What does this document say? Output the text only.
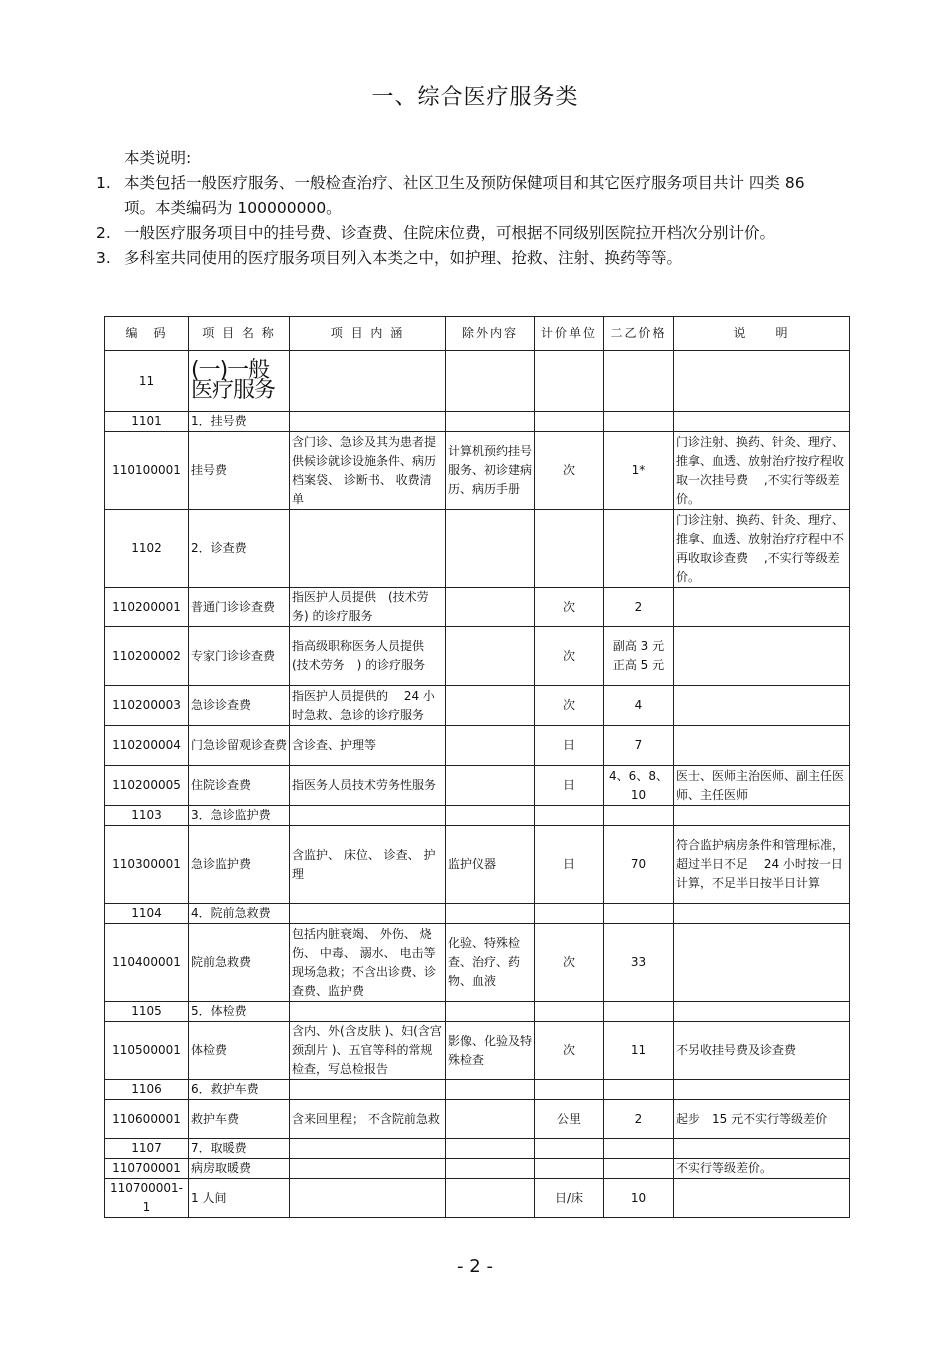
一、综合医疗服务类
本类说明:
1. 本类包括一般医疗服务、一般检查治疗、社区卫生及预防保健项目和其它医疗服务项目共计 四类 86 项。本类编码为 100000000。
2. 一般医疗服务项目中的挂号费、诊查费、住院床位费，可根据不同级别医院拉开档次分别计价。
3. 多科室共同使用的医疗服务项目列入本类之中，如护理、抢救、注射、换药等等。
编　码	项 目 名 称	项 目 内 涵	除外内容	计价单位	二乙价格	说　　明
11	(一)一般医疗服务					

1101	1．挂号费					
110100001	挂号费	含门诊、急诊及其为患者提供候诊就诊设施条件、病历档案袋、 诊断书、 收费清单	计算机预约挂号服务、初诊建病历、病历手册	次	1*	门诊注射、换药、针灸、理疗、推拿、血透、放射治疗按疗程收取一次挂号费　 ,不实行等级差价。
1102	2．诊查费					门诊注射、换药、针灸、理疗、推拿、血透、放射治疗疗程中不再收取诊查费　 ,不实行等级差价。
110200001	普通门诊诊查费	指医护人员提供　(技术劳务) 的诊疗服务		次	2	
110200002	专家门诊诊查费	指高级职称医务人员提供 (技术劳务　) 的诊疗服务		次	副高 3 元
正高 5 元	
110200003	急诊诊查费	指医护人员提供的　 24 小时急救、急诊的诊疗服务		次	4	
110200004	门急诊留观诊查费	含诊查、护理等		日	7	
110200005	住院诊查费	指医务人员技术劳务性服务		日	4、6、8、10	医士、医师主治医师、副主任医师、主任医师
1103	3．急诊监护费					
110300001	急诊监护费	含监护、 床位、 诊查、 护理	监护仪器	日	70	符合监护病房条件和管理标准，超过半日不足　 24 小时按一日计算，不足半日按半日计算
1104	4．院前急救费					
110400001	院前急救费	包括内脏衰竭、 外伤、 烧伤、 中毒、 溺水、 电击等现场急救；不含出诊费、诊查费、监护费	化验、特殊检查、治疗、药物、血液	次	33	
1105	5．体检费					
110500001	体检费	含内、外(含皮肤 )、妇(含宫颈刮片 )、五官等科的常规检查，写总检报告	影像、化验及特殊检查	次	11	不另收挂号费及诊查费
1106	6．救护车费					
110600001	救护车费	含来回里程； 不含院前急救		公里	2	起步　15 元不实行等级差价
1107	7．取暖费					
110700001	病房取暖费					不实行等级差价。
110700001-1	1 人间			日/床	10	
- 2 -
